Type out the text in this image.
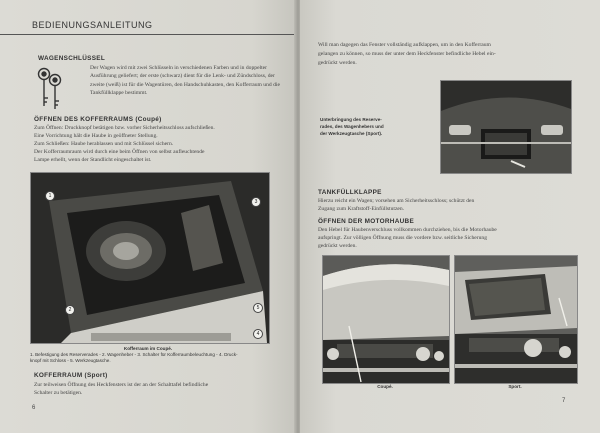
BEDIENUNGSANLEITUNG
WAGENSCHLÜSSEL
Der Wagen wird mit zwei Schlüsseln in verschiedenen Farben und in doppelter Ausführung geliefert; der erste (schwarz) dient für die Lenk- und Zündschloss, der zweite (weiß) ist für die Wagentüren, den Handschuhkasten, den Kofferraum und die Tankfüllklappe bestimmt.
ÖFFNEN DES KOFFERRAUMS (Coupé)
Zum Öffnen: Druckknopf betätigen bzw. vorher Sicherheitsschloss aufschließen.
Eine Vorrichtung hält die Haube in geöffneter Stellung.
Zum Schließen: Haube herablassen und mit Schlüssel sichern.
Der Kofferraumraum wird durch eine beim Öffnen von selbst aufleuchtende
Lampe erhellt, wenn der Standlicht eingeschaltet ist.
1
2
3
4
5
Kofferraum im Coupé.
1. Befestigung des Reserverades - 2. Wagenheber - 3. Schalter für Kofferraumbeleuchtung - 4. Druck-
knopf mit Schloss - 5. Werkzeugtasche.
KOFFERRAUM (Sport)
Zur teilweisen Öffnung des Heckfensters ist der an der Schalttafel befindliche
Schalter zu betätigen.
6
Will man dagegen das Fenster vollständig aufklappen, um in den Kofferraum
gelangen zu können, so muss der unter dem Heckfenster befindliche Hebel ein-
gedrückt werden.
Unterbringung des Reserve-
rades, des Wagenhebers und
der Werkzeugtasche (Sport).
TANKFÜLLKLAPPE
Hierzu reicht ein Wagen; vorsehen am Sicherheitsschloss; schützt den
Zugang zum Kraftstoff-Einfüllstutzen.
ÖFFNEN DER MOTORHAUBE
Den Hebel für Haubenverschluss vollkommen durchziehen, bis die Motorhaube
aufspringt. Zur völligen Öffnung muss die vordere bzw. seitliche Sicherung
gedrückt werden.
Coupé.	Sport.
7
